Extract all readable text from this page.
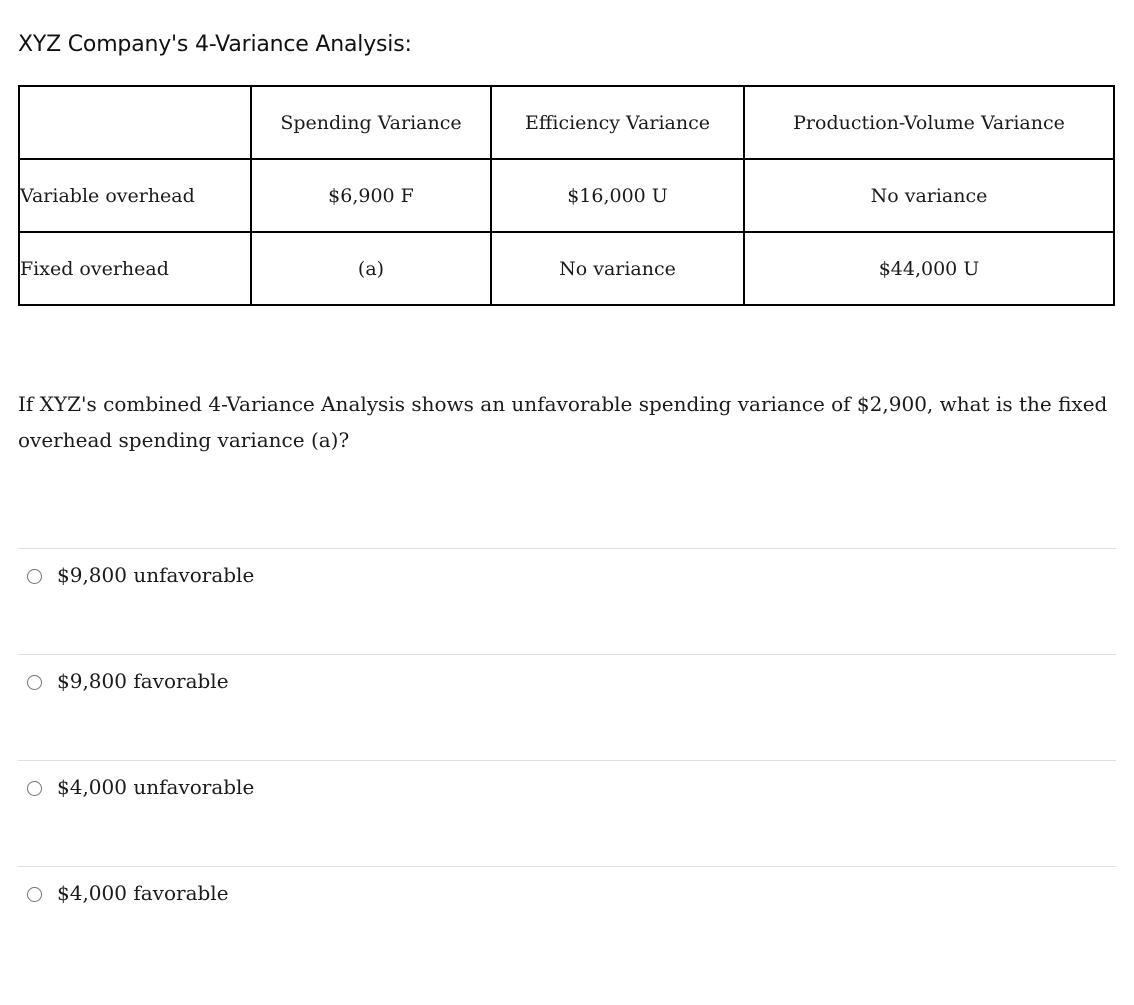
XYZ Company's 4-Variance Analysis:
	Spending Variance	Efficiency Variance	Production-Volume Variance
Variable overhead	$6,900 F	$16,000 U	No variance
Fixed overhead	(a)	No variance	$44,000 U

If XYZ's combined 4-Variance Analysis shows an unfavorable spending variance of $2,900, what is the fixed overhead spending variance (a)?

$9,800 unfavorable
$9,800 favorable
$4,000 unfavorable
$4,000 favorable
